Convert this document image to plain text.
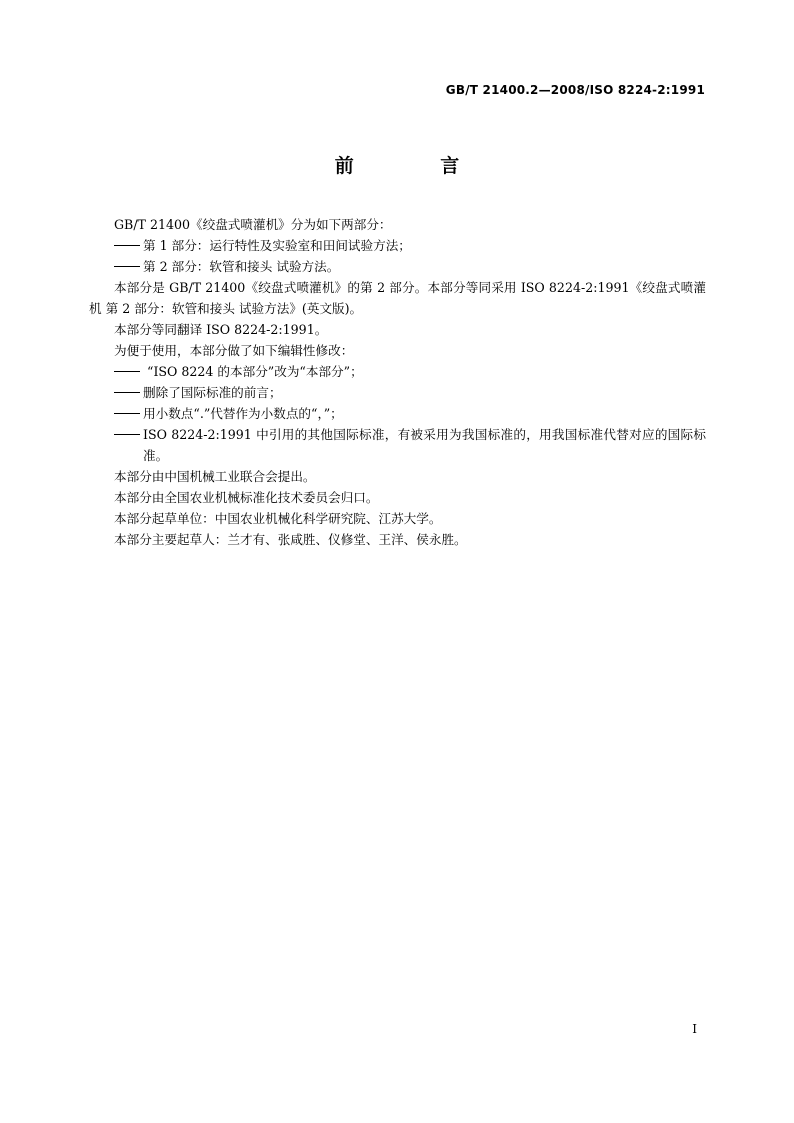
GB/T 21400.2—2008/ISO 8224-2:1991
前 言

GB/T 21400《绞盘式喷灌机》分为如下两部分：

第 1 部分：运行特性及实验室和田间试验方法；

第 2 部分：软管和接头 试验方法。

本部分是 GB/T 21400《绞盘式喷灌机》的第 2 部分。本部分等同采用 ISO 8224-2:1991《绞盘式喷灌机 第 2 部分：软管和接头 试验方法》(英文版)。

本部分等同翻译 ISO 8224-2:1991。

为便于使用，本部分做了如下编辑性修改：

“ISO 8224 的本部分”改为“本部分”；

删除了国际标准的前言；

用小数点“.”代替作为小数点的“，”；

ISO 8224-2:1991 中引用的其他国际标准，有被采用为我国标准的，用我国标准代替对应的国际标准。

本部分由中国机械工业联合会提出。

本部分由全国农业机械标准化技术委员会归口。

本部分起草单位：中国农业机械化科学研究院、江苏大学。

本部分主要起草人：兰才有、张咸胜、仪修堂、王洋、侯永胜。

I
